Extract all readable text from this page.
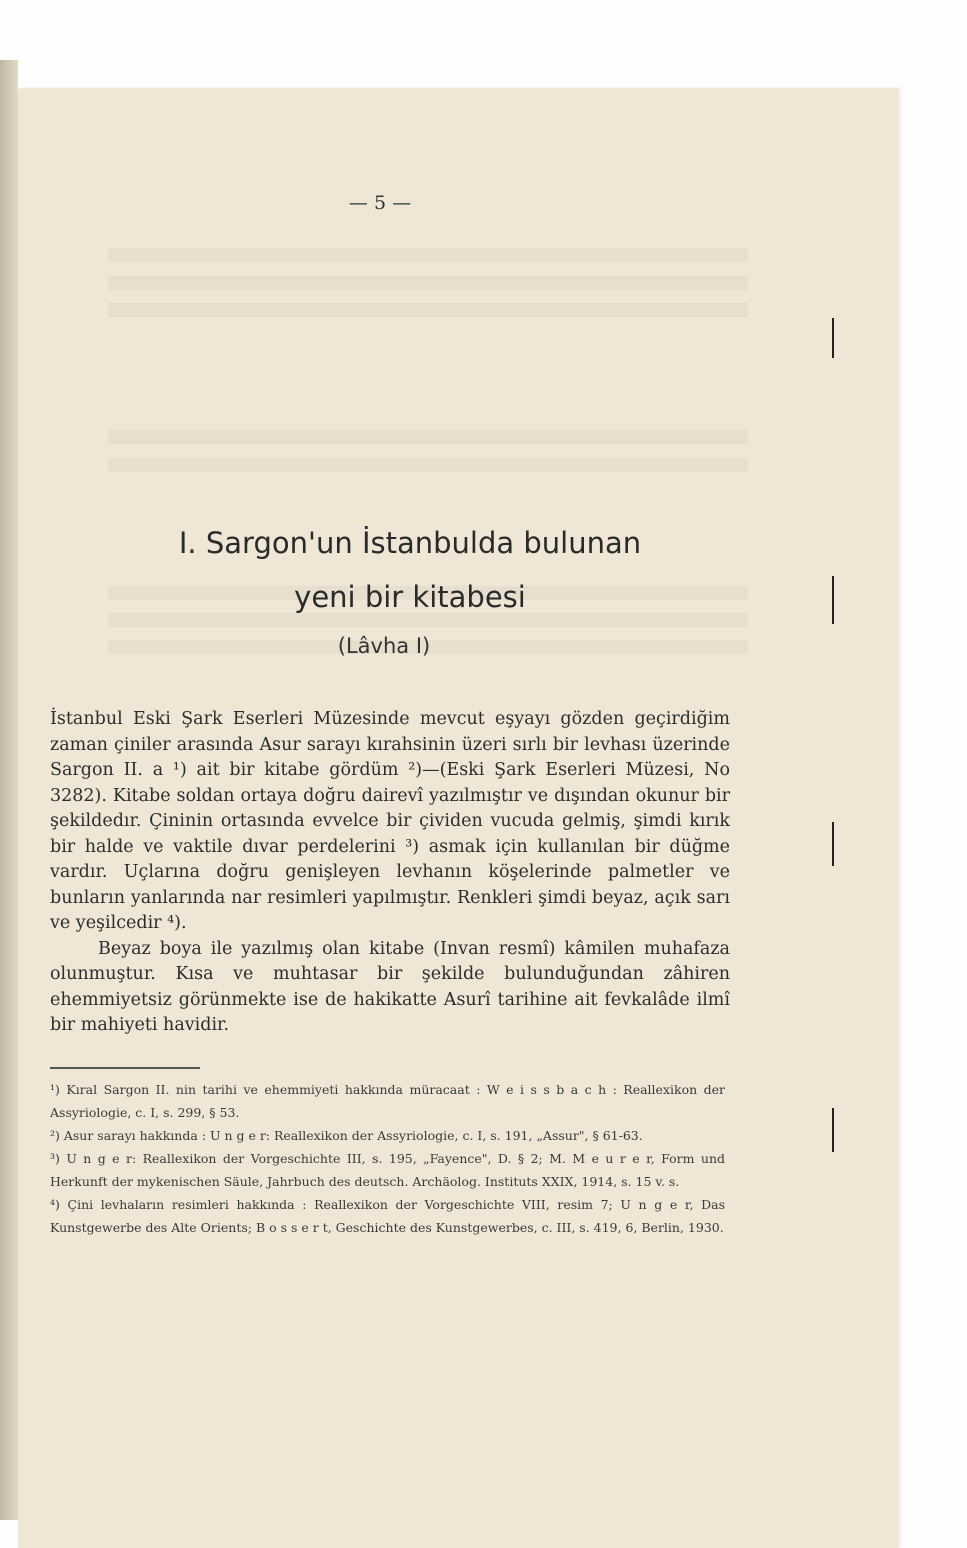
— 5 —
I. Sargon'un İstanbulda bulunan
yeni bir kitabesi
(Lâvha I)

İstanbul Eski Şark Eserleri Müzesinde mevcut eşyayı gözden geçirdiğim zaman çiniler arasında Asur sarayı kırahsinin üzeri sırlı bir levhası üzerinde Sargon II. a ¹) ait bir kitabe gördüm ²)—(Eski Şark Eserleri Müzesi, No 3282). Kitabe soldan ortaya doğru dairevî yazılmıştır ve dışından okunur bir şekildedır. Çininin ortasında evvelce bir çividen vucuda gelmiş, şimdi kırık bir halde ve vaktile dıvar perdelerini ³) asmak için kullanılan bir düğme vardır. Uçlarına doğru genişleyen levhanın köşelerinde palmetler ve bunların yanlarında nar resimleri yapılmıştır. Renkleri şimdi beyaz, açık sarı ve yeşilcedir ⁴).

Beyaz boya ile yazılmış olan kitabe (Invan resmî) kâmilen muhafaza olunmuştur. Kısa ve muhtasar bir şekilde bulunduğundan zâhiren ehemmiyetsiz görünmekte ise de hakikatte Asurî tarihine ait fevkalâde ilmî bir mahiyeti havidir.

¹) Kıral Sargon II. nin tarihi ve ehemmiyeti hakkında müracaat : W e i s s b a c h : Reallexikon der Assyriologie, c. I, s. 299, § 53.

²) Asur sarayı hakkında : U n g e r: Reallexikon der Assyriologie, c. I, s. 191, „Assur", § 61-63.

³) U n g e r: Reallexikon der Vorgeschichte III, s. 195, „Fayence", D. § 2; M. M e u r e r, Form und Herkunft der mykenischen Säule, Jahrbuch des deutsch. Archäolog. Instituts XXIX, 1914, s. 15 v. s.

⁴) Çini levhaların resimleri hakkında : Reallexikon der Vorgeschichte VIII, resim 7; U n g e r, Das Kunstgewerbe des Alte Orients; B o s s e r t, Geschichte des Kunstgewerbes, c. III, s. 419, 6, Berlin, 1930.
